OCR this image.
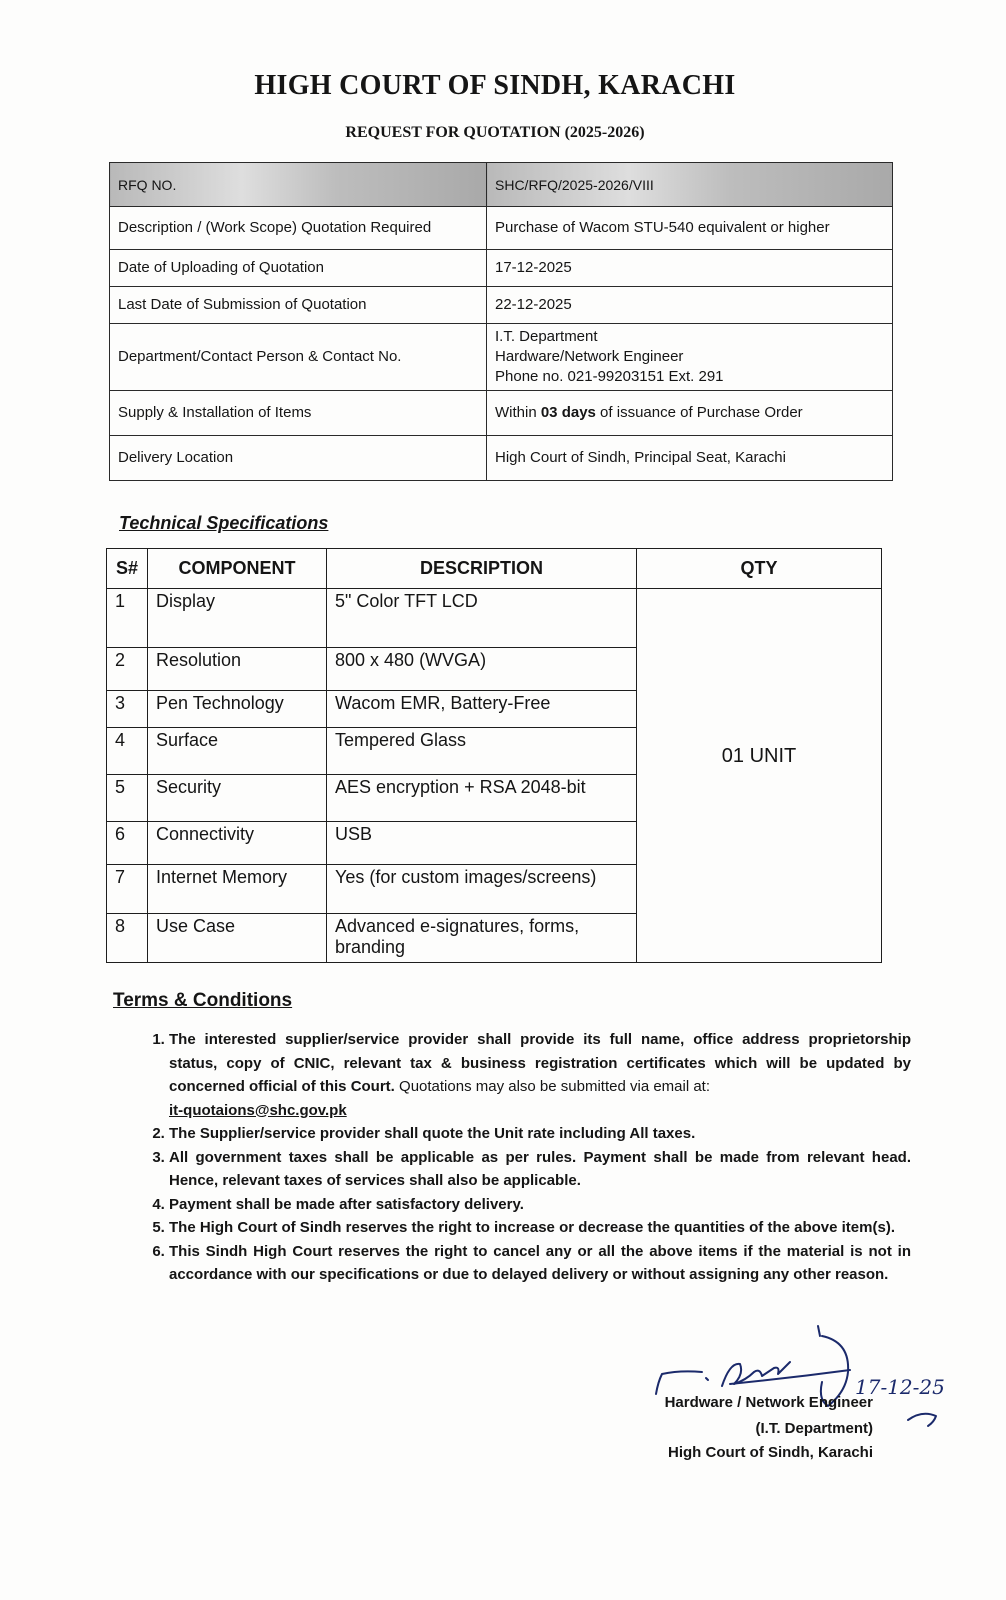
HIGH COURT OF SINDH, KARACHI
REQUEST FOR QUOTATION (2025-2026)
RFQ NO.	SHC/RFQ/2025-2026/VIII
Description / (Work Scope) Quotation Required	Purchase of Wacom STU-540 equivalent or higher
Date of Uploading of Quotation	17-12-2025
Last Date of Submission of Quotation	22-12-2025
Department/Contact Person & Contact No.	I.T. Department
Hardware/Network Engineer
Phone no. 021-99203151 Ext. 291

Supply & Installation of Items	Within 03 days of issuance of Purchase Order
Delivery Location	High Court of Sindh, Principal Seat, Karachi
Technical Specifications
S#	COMPONENT	DESCRIPTION	QTY
1	Display	5" Color TFT LCD	01 UNIT
2	Resolution	800 x 480 (WVGA)	
3	Pen Technology	Wacom EMR, Battery-Free	
4	Surface	Tempered Glass	
5	Security	AES encryption + RSA 2048-bit	
6	Connectivity	USB	
7	Internet Memory	Yes (for custom images/screens)	
8	Use Case	Advanced e-signatures, forms, branding	
Terms & Conditions
1. The interested supplier/service provider shall provide its full name, office address proprietorship status, copy of CNIC, relevant tax & business registration certificates which will be updated by concerned official of this Court. Quotations may also be submitted via email at:
it-quotaions@shc.gov.pk
2. The Supplier/service provider shall quote the Unit rate including All taxes.
3. All government taxes shall be applicable as per rules. Payment shall be made from relevant head. Hence, relevant taxes of services shall also be applicable.
4. Payment shall be made after satisfactory delivery.
5. The High Court of Sindh reserves the right to increase or decrease the quantities of the above item(s).
6. This Sindh High Court reserves the right to cancel any or all the above items if the material is not in accordance with our specifications or due to delayed delivery or without assigning any other reason.
17-12-25
Hardware / Network Engineer
(I.T. Department)
High Court of Sindh, Karachi
